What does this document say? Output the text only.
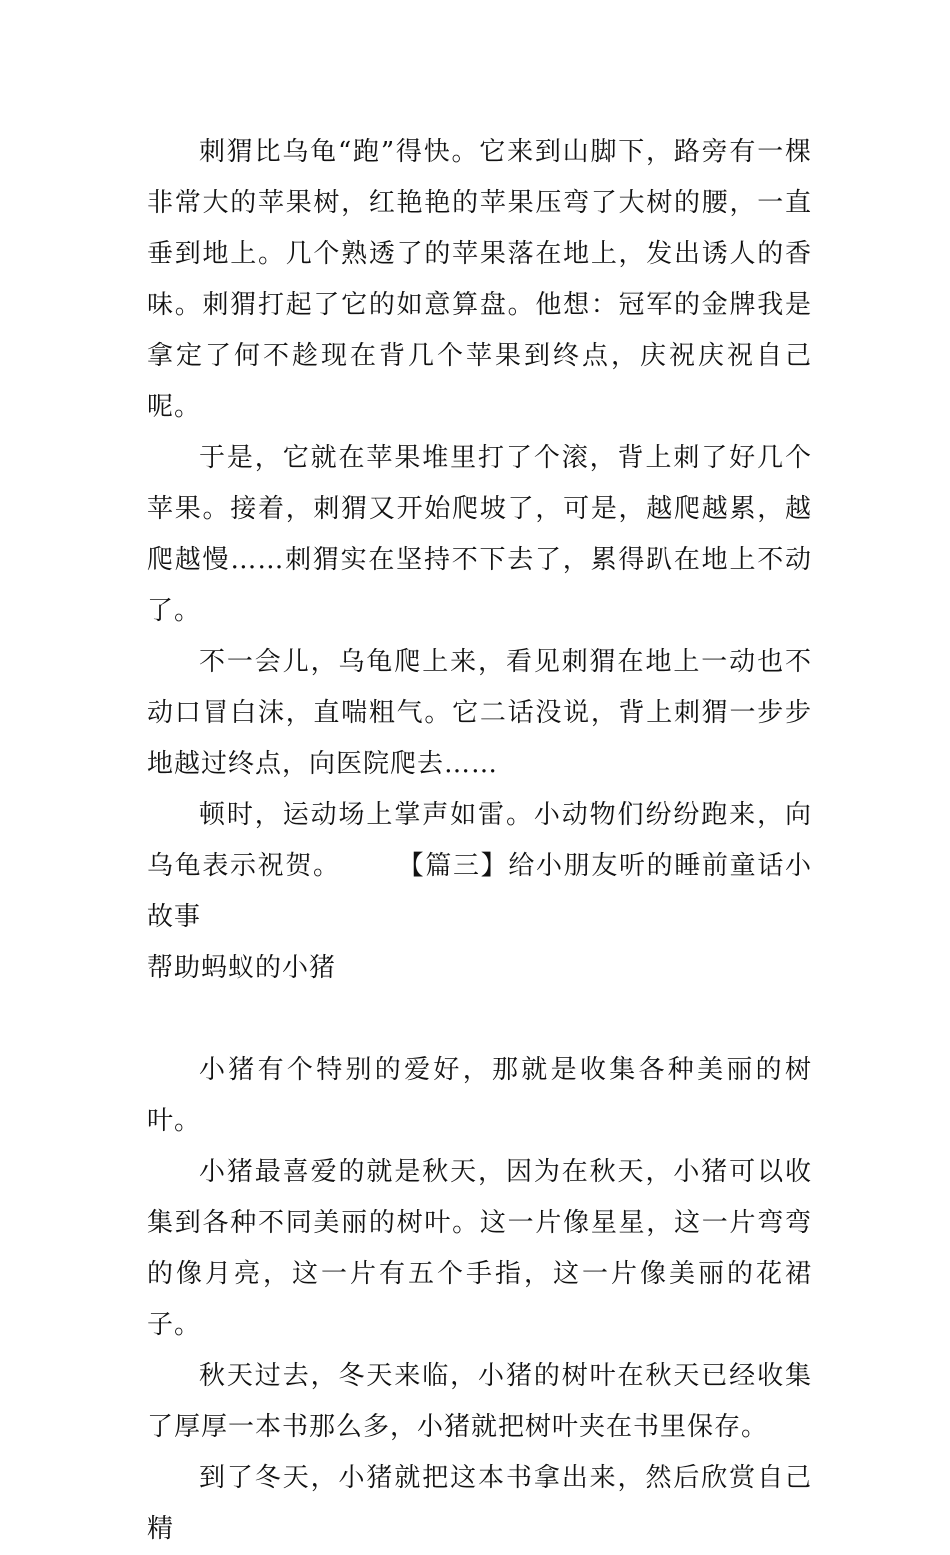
刺猬比乌龟“跑”得快。它来到山脚下，路旁有一棵非常大的苹果树，红艳艳的苹果压弯了大树的腰，一直垂到地上。几个熟透了的苹果落在地上，发出诱人的香味。刺猬打起了它的如意算盘。他想：冠军的金牌我是拿定了何不趁现在背几个苹果到终点，庆祝庆祝自己呢。

于是，它就在苹果堆里打了个滚，背上刺了好几个苹果。接着，刺猬又开始爬坡了，可是，越爬越累，越爬越慢……刺猬实在坚持不下去了，累得趴在地上不动了。

不一会儿，乌龟爬上来，看见刺猬在地上一动也不动口冒白沫，直喘粗气。它二话没说，背上刺猬一步步地越过终点，向医院爬去……

顿时，运动场上掌声如雷。小动物们纷纷跑来，向乌龟表示祝贺。　　　【篇三】给小朋友听的睡前童话小故事

帮助蚂蚁的小猪

小猪有个特别的爱好，那就是收集各种美丽的树叶。

小猪最喜爱的就是秋天，因为在秋天，小猪可以收集到各种不同美丽的树叶。这一片像星星，这一片弯弯的像月亮，这一片有五个手指，这一片像美丽的花裙子。

秋天过去，冬天来临，小猪的树叶在秋天已经收集了厚厚一本书那么多，小猪就把树叶夹在书里保存。

到了冬天，小猪就把这本书拿出来，然后欣赏自己精
